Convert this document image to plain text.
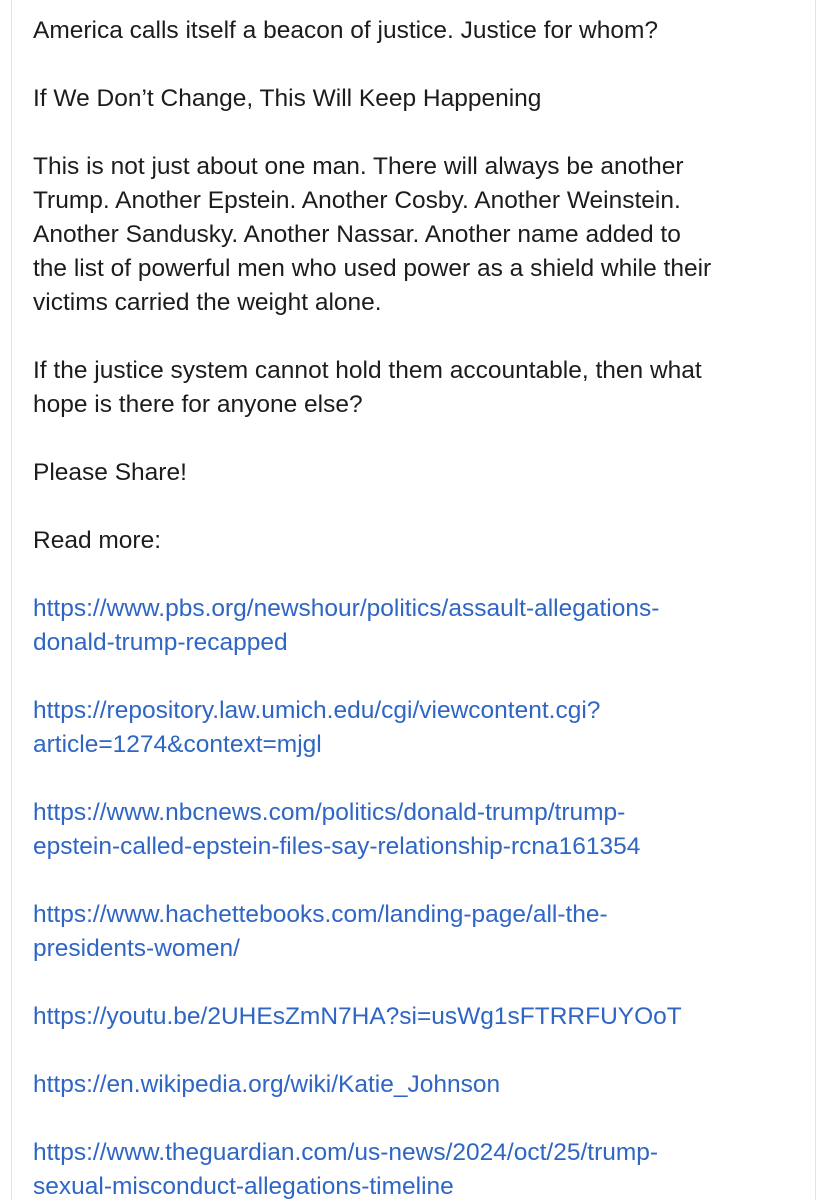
America calls itself a beacon of justice. Justice for whom?

If We Don’t Change, This Will Keep Happening

This is not just about one man. There will always be another
Trump. Another Epstein. Another Cosby. Another Weinstein.
Another Sandusky. Another Nassar. Another name added to
the list of powerful men who used power as a shield while their
victims carried the weight alone.

If the justice system cannot hold them accountable, then what
hope is there for anyone else?

Please Share!

Read more:

https://www.pbs.org/newshour/politics/assault-allegations-
donald-trump-recapped
https://repository.law.umich.edu/cgi/viewcontent.cgi?
article=1274&context=mjgl
https://www.nbcnews.com/politics/donald-trump/trump-
epstein-called-epstein-files-say-relationship-rcna161354
https://www.hachettebooks.com/landing-page/all-the-
presidents-women/
https://youtu.be/2UHEsZmN7HA?si=usWg1sFTRRFUYOoT
https://en.wikipedia.org/wiki/Katie_Johnson
https://www.theguardian.com/us-news/2024/oct/25/trump-
sexual-misconduct-allegations-timeline
